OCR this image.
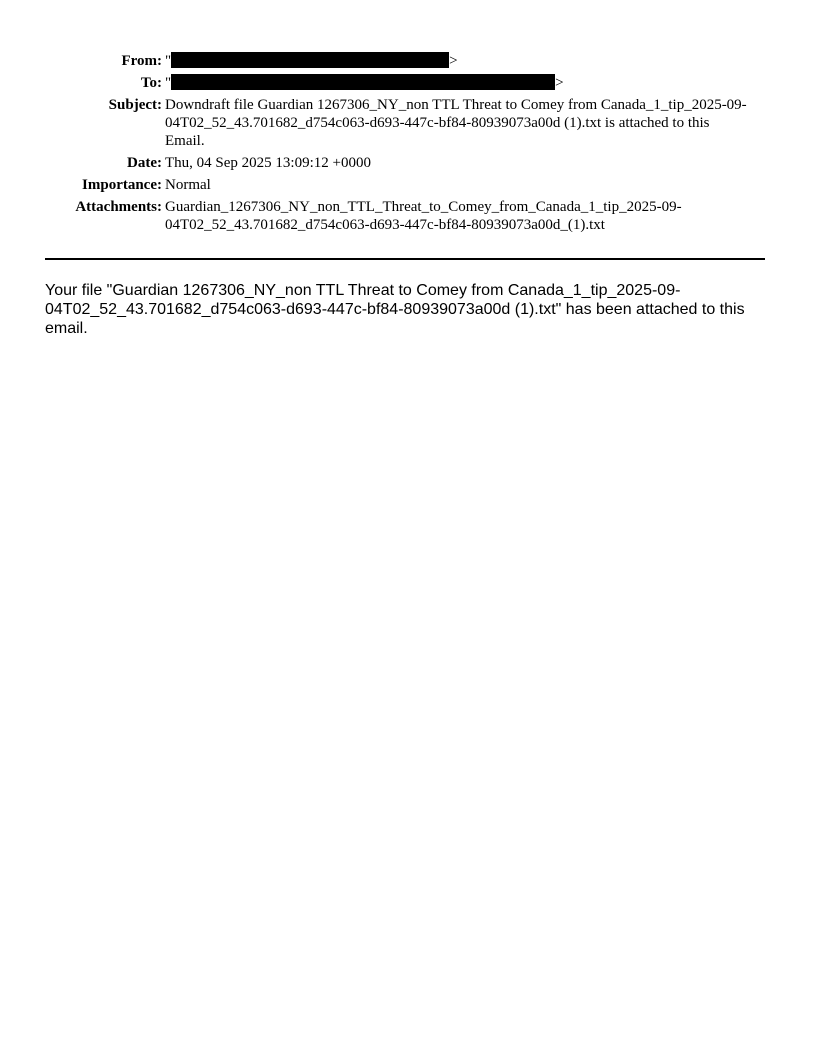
From:	" >
To:	" >
Subject:	Downdraft file Guardian 1267306_NY_non TTL Threat to Comey from Canada_1_tip_2025-09-04T02_52_43.701682_d754c063-d693-447c-bf84-80939073a00d (1).txt is attached to this Email.
Date:	Thu, 04 Sep 2025 13:09:12 +0000
Importance:	Normal
Attachments:	Guardian_1267306_NY_non_TTL_Threat_to_Comey_from_Canada_1_tip_2025-09-04T02_52_43.701682_d754c063-d693-447c-bf84-80939073a00d_(1).txt
Your file "Guardian 1267306_NY_non TTL Threat to Comey from Canada_1_tip_2025-09-04T02_52_43.701682_d754c063-d693-447c-bf84-80939073a00d (1).txt" has been attached to this email.
